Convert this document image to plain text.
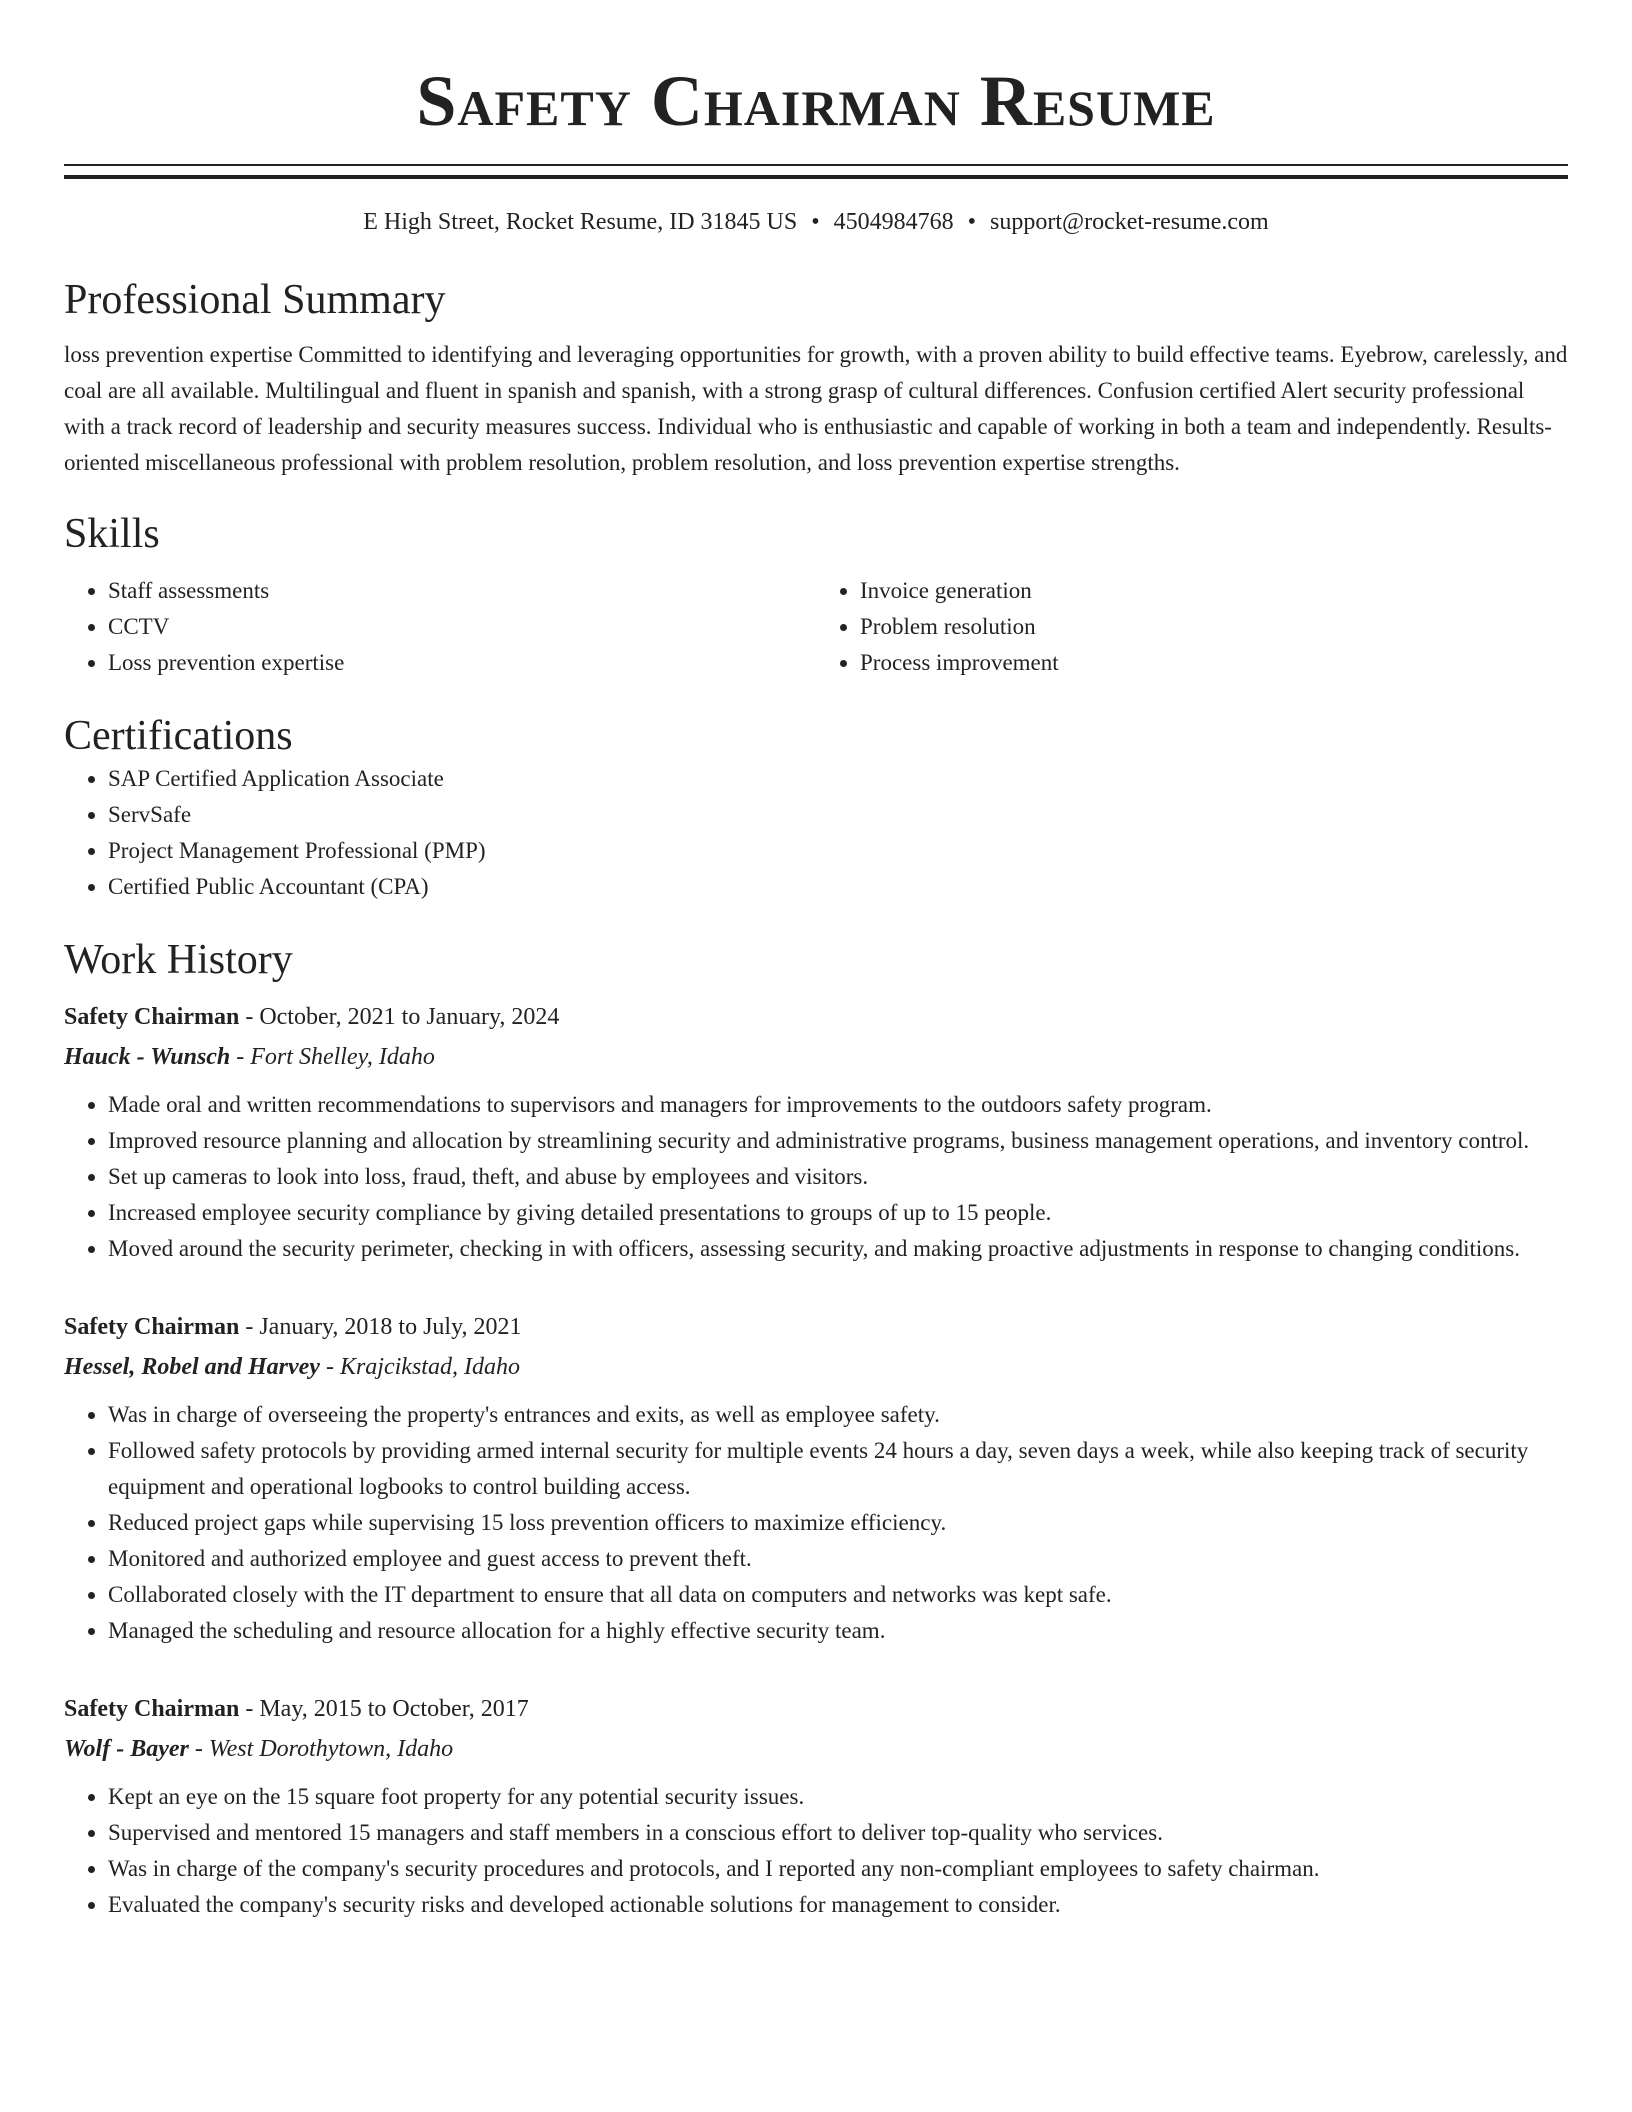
Safety Chairman Resume
E High Street, Rocket Resume, ID 31845 US • 4504984768 • support@rocket-resume.com
Professional Summary

loss prevention expertise Committed to identifying and leveraging opportunities for growth, with a proven ability to build effective teams. Eyebrow, carelessly, and coal are all available. Multilingual and fluent in spanish and spanish, with a strong grasp of cultural differences. Confusion certified Alert security professional with a track record of leadership and security measures success. Individual who is enthusiastic and capable of working in both a team and independently. Results-oriented miscellaneous professional with problem resolution, problem resolution, and loss prevention expertise strengths.

Skills
• Staff assessments
• CCTV
• Loss prevention expertise
• Invoice generation
• Problem resolution
• Process improvement
Certifications
• SAP Certified Application Associate
• ServSafe
• Project Management Professional (PMP)
• Certified Public Accountant (CPA)
Work History
Safety Chairman - October, 2021 to January, 2024
Hauck - Wunsch - Fort Shelley, Idaho
• Made oral and written recommendations to supervisors and managers for improvements to the outdoors safety program.
• Improved resource planning and allocation by streamlining security and administrative programs, business management operations, and inventory control.
• Set up cameras to look into loss, fraud, theft, and abuse by employees and visitors.
• Increased employee security compliance by giving detailed presentations to groups of up to 15 people.
• Moved around the security perimeter, checking in with officers, assessing security, and making proactive adjustments in response to changing conditions.
Safety Chairman - January, 2018 to July, 2021
Hessel, Robel and Harvey - Krajcikstad, Idaho
• Was in charge of overseeing the property's entrances and exits, as well as employee safety.
• Followed safety protocols by providing armed internal security for multiple events 24 hours a day, seven days a week, while also keeping track of security equipment and operational logbooks to control building access.
• Reduced project gaps while supervising 15 loss prevention officers to maximize efficiency.
• Monitored and authorized employee and guest access to prevent theft.
• Collaborated closely with the IT department to ensure that all data on computers and networks was kept safe.
• Managed the scheduling and resource allocation for a highly effective security team.
Safety Chairman - May, 2015 to October, 2017
Wolf - Bayer - West Dorothytown, Idaho
• Kept an eye on the 15 square foot property for any potential security issues.
• Supervised and mentored 15 managers and staff members in a conscious effort to deliver top-quality who services.
• Was in charge of the company's security procedures and protocols, and I reported any non-compliant employees to safety chairman.
• Evaluated the company's security risks and developed actionable solutions for management to consider.
